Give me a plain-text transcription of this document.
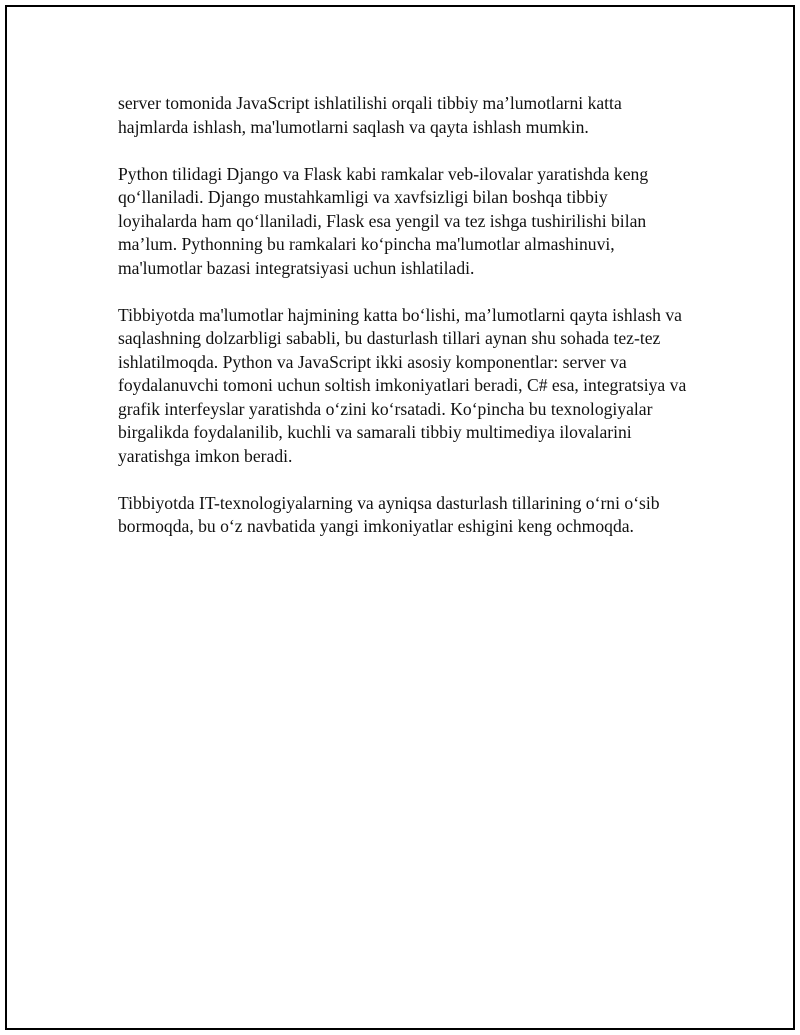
server tomonida JavaScript ishlatilishi orqali tibbiy ma’lumotlarni katta hajmlarda ishlash, ma'lumotlarni saqlash va qayta ishlash mumkin.

Python tilidagi Django va Flask kabi ramkalar veb-ilovalar yaratishda keng qo‘llaniladi. Django mustahkamligi va xavfsizligi bilan boshqa tibbiy loyihalarda ham qo‘llaniladi, Flask esa yengil va tez ishga tushirilishi bilan ma’lum. Pythonning bu ramkalari ko‘pincha ma'lumotlar almashinuvi, ma'lumotlar bazasi integratsiyasi uchun ishlatiladi.

Tibbiyotda ma'lumotlar hajmining katta bo‘lishi, ma’lumotlarni qayta ishlash va saqlashning dolzarbligi sababli, bu dasturlash tillari aynan shu sohada tez-tez ishlatilmoqda. Python va JavaScript ikki asosiy komponentlar: server va foydalanuvchi tomoni uchun soltish imkoniyatlari beradi, C# esa, integratsiya va grafik interfeyslar yaratishda o‘zini ko‘rsatadi. Ko‘pincha bu texnologiyalar birgalikda foydalanilib, kuchli va samarali tibbiy multimediya ilovalarini yaratishga imkon beradi.

Tibbiyotda IT-texnologiyalarning va ayniqsa dasturlash tillarining o‘rni o‘sib bormoqda, bu o‘z navbatida yangi imkoniyatlar eshigini keng ochmoqda.
